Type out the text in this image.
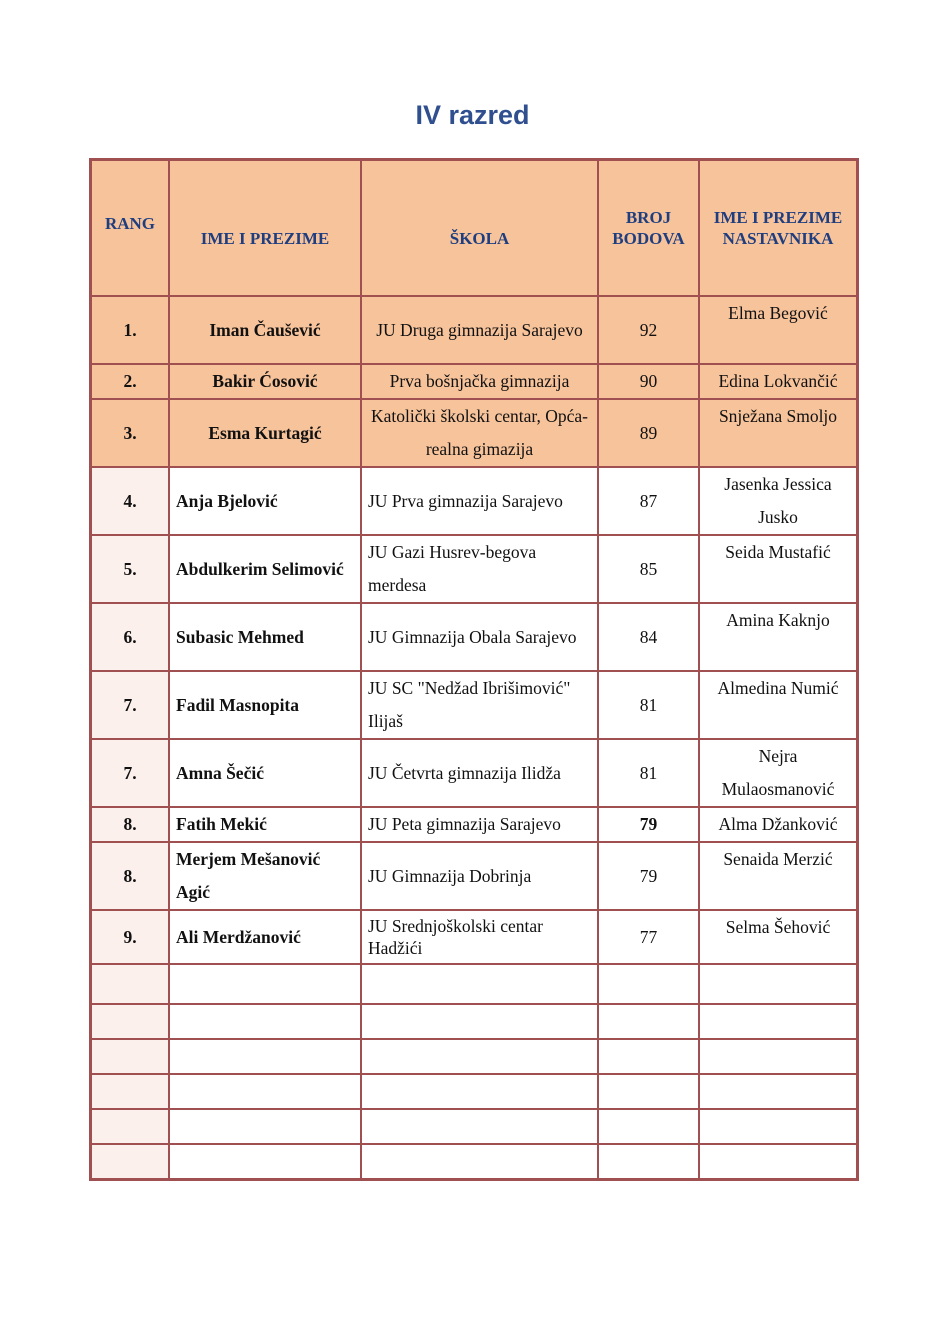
IV razred
RANG	IME I PREZIME	ŠKOLA	BROJ BODOVA	IME I PREZIME NASTAVNIKA
1.	Iman Čaušević	JU Druga gimnazija Sarajevo	92	Elma Begović
2.	Bakir Ćosović	Prva bošnjačka gimnazija	90	Edina Lokvančić
3.	Esma Kurtagić	Katolički školski centar, Opća- realna gimazija	89	Snježana Smoljo
4.	Anja Bjelović	JU Prva gimnazija Sarajevo	87	Jasenka Jessica Jusko
5.	Abdulkerim Selimović	JU Gazi Husrev-begova merdesa	85	Seida Mustafić
6.	Subasic Mehmed	JU Gimnazija Obala Sarajevo	84	Amina Kaknjo
7.	Fadil Masnopita	JU SC "Nedžad Ibrišimović" Ilijaš	81	Almedina Numić
7.	Amna Šečić	JU Četvrta gimnazija Ilidža	81	Nejra Mulaosmanović
8.	Fatih Mekić	JU Peta gimnazija Sarajevo	79	Alma Džanković
8.	Merjem Mešanović Agić	JU Gimnazija Dobrinja	79	Senaida Merzić
9.	Ali Merdžanović	JU Srednjoškolski centar Hadžići	77	Selma Šehović
